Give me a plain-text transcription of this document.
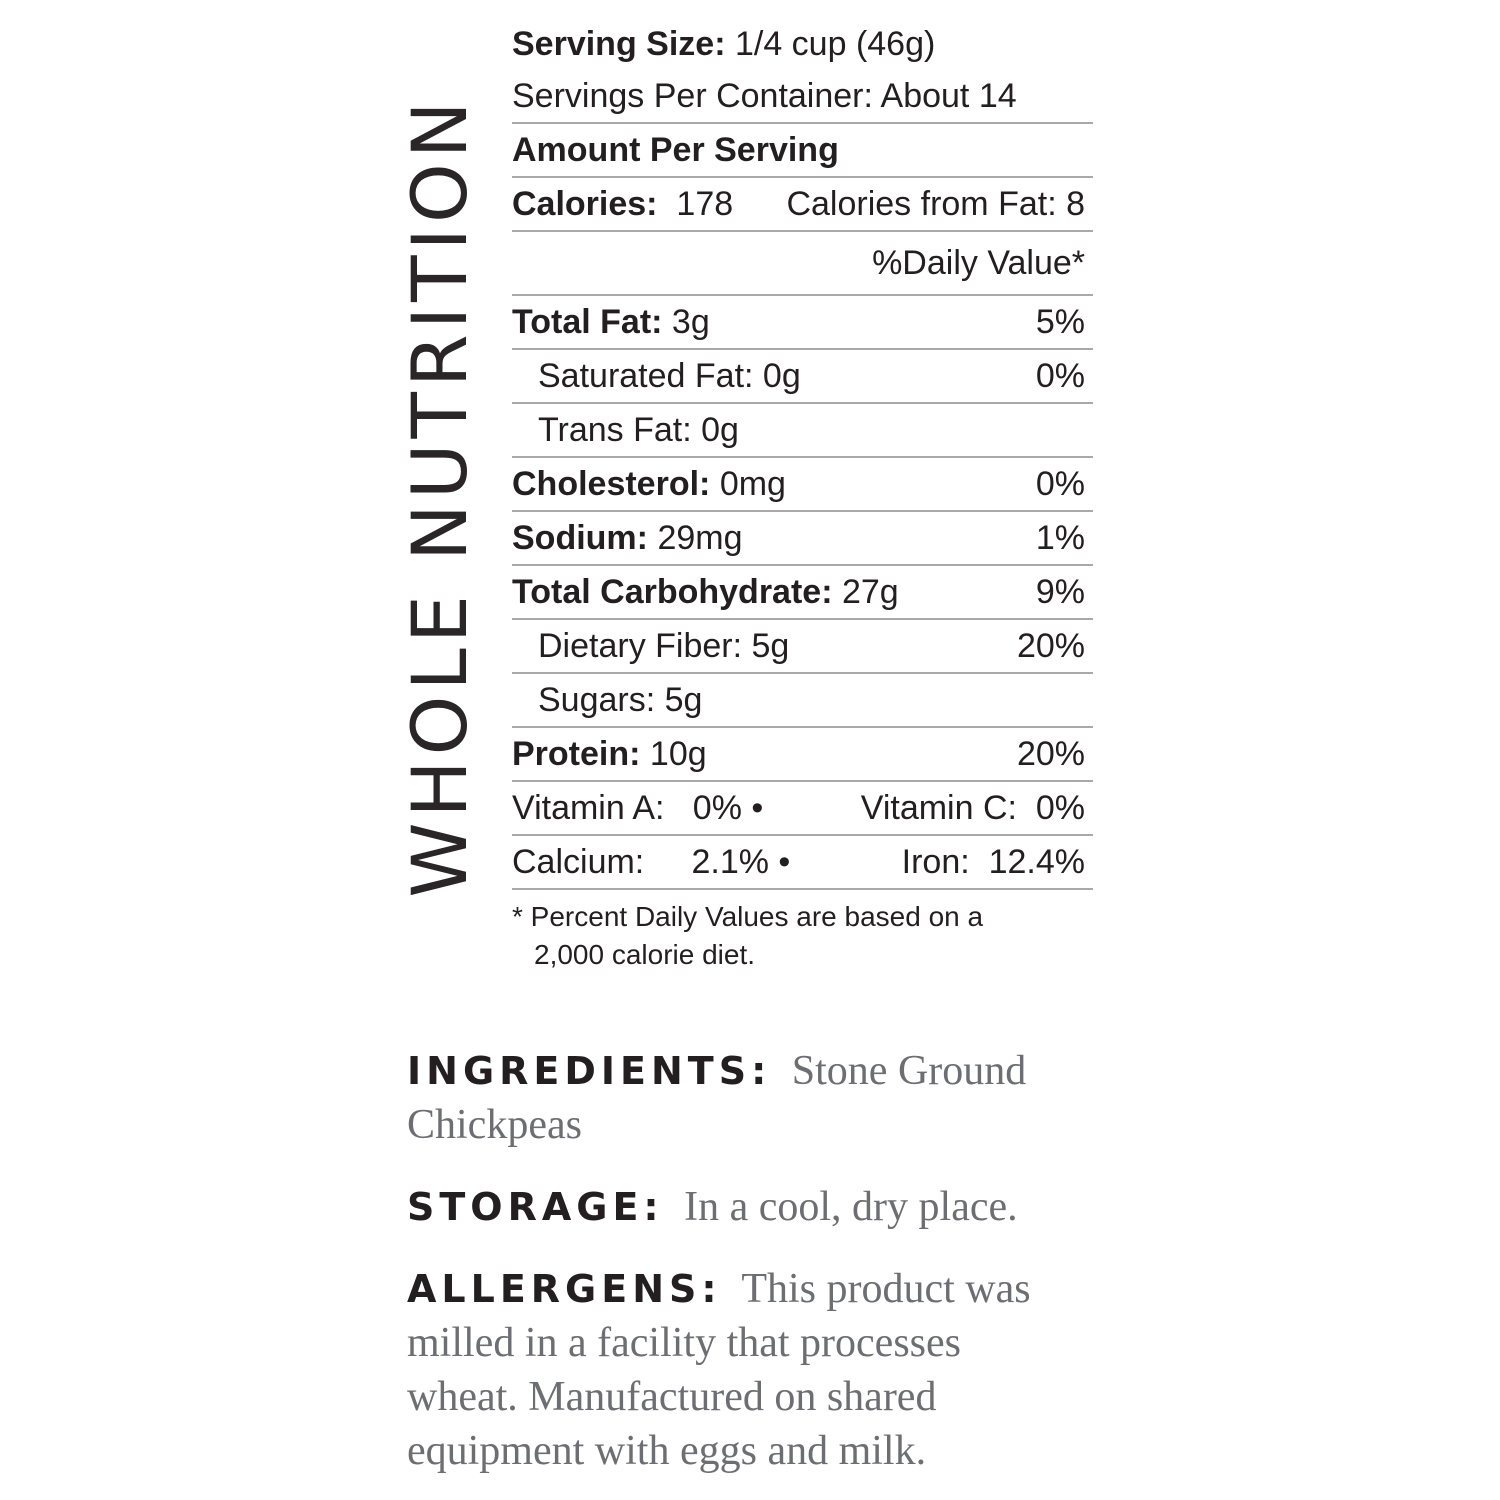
WHOLE NUTRITION
Serving Size: 1/4 cup (46g)
Servings Per Container: About 14
Amount Per Serving
Calories: 178 Calories from Fat: 8
%Daily Value*
Total Fat: 3g	5%
Saturated Fat: 0g	0%
Trans Fat: 0g
Cholesterol: 0mg	0%
Sodium: 29mg	1%
Total Carbohydrate: 27g	9%
Dietary Fiber: 5g	20%
Sugars: 5g
Protein: 10g	20%
Vitamin A:   0% •	Vitamin C:  0%
Calcium:     2.1% •	Iron:  12.4%
* Percent Daily Values are based on a
2,000 calorie diet.
INGREDIENTS: Stone Ground Chickpeas
STORAGE: In a cool, dry place.
ALLERGENS: This product was milled in a facility that processes wheat. Manufactured on shared equipment with eggs and milk.
